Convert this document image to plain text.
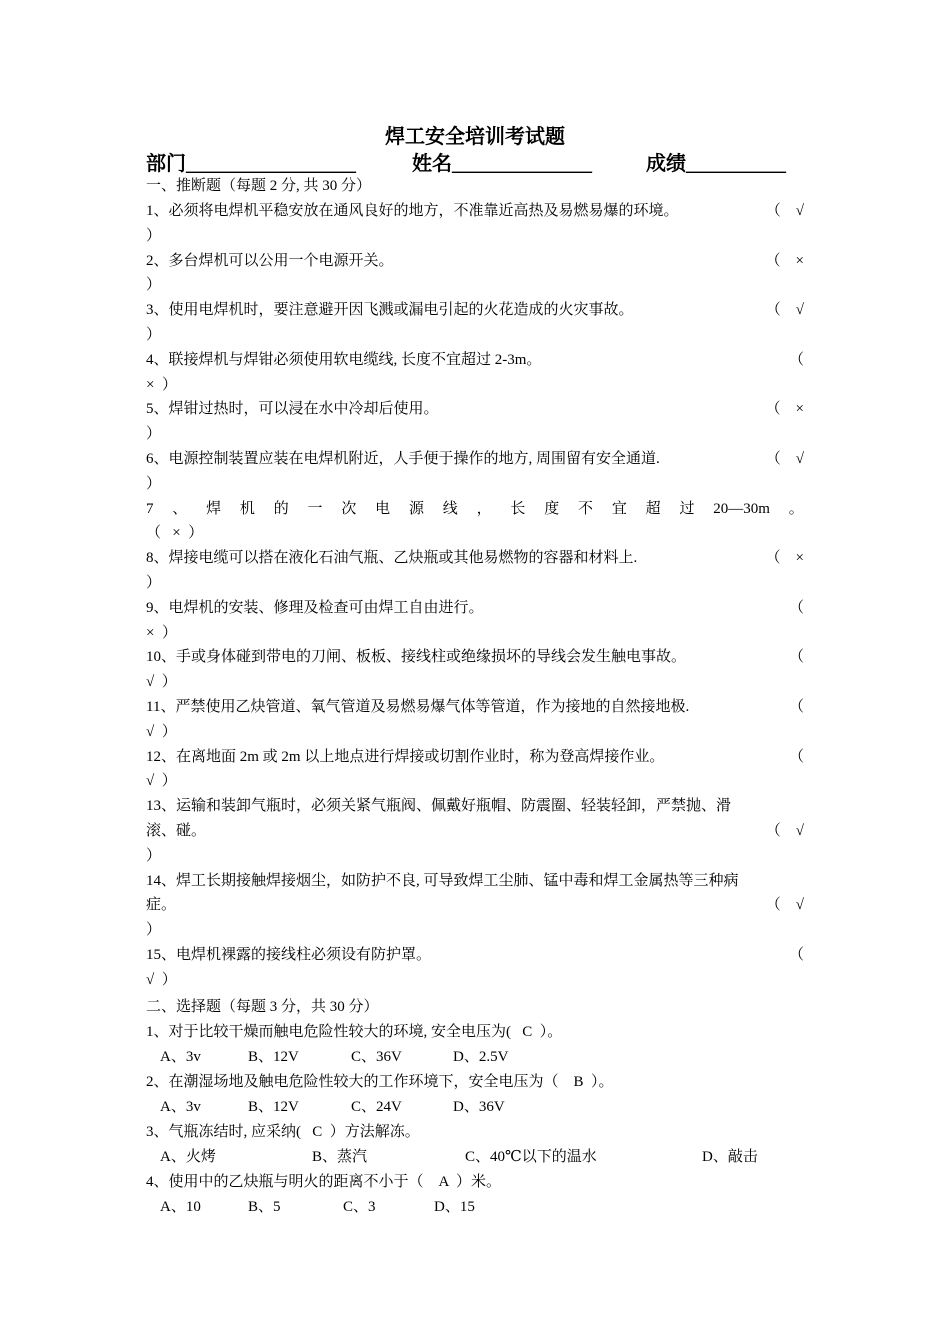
焊工安全培训考试题
部门_________________	姓名______________	成绩__________
一、推断题（每题 2 分, 共 30 分）
1、必须将电焊机平稳安放在通风良好的地方，不准靠近高热及易燃易爆的环境。	（    √
）
2、多台焊机可以公用一个电源开关。	（    ×
）
3、使用电焊机时，要注意避开因飞溅或漏电引起的火花造成的火灾事故。	（    √
）
4、联接焊机与焊钳必须使用软电缆线, 长度不宜超过 2-3m。	（
×  ）
5、焊钳过热时，可以浸在水中冷却后使用。	（    ×
）
6、电源控制装置应装在电焊机附近，人手便于操作的地方, 周围留有安全通道.	（    √
）
7 、 焊 机 的 一 次 电 源 线 ， 长 度 不 宜 超 过 20—30m 。
（   ×  ）
8、焊接电缆可以搭在液化石油气瓶、乙炔瓶或其他易燃物的容器和材料上.	（    ×
）
9、电焊机的安装、修理及检查可由焊工自由进行。	（
×  ）
10、手或身体碰到带电的刀闸、板板、接线柱或绝缘损坏的导线会发生触电事故。	（
√  ）
11、严禁使用乙炔管道、氧气管道及易燃易爆气体等管道，作为接地的自然接地极.	（
√  ）
12、在离地面 2m 或 2m 以上地点进行焊接或切割作业时，称为登高焊接作业。	（
√  ）
13、运输和装卸气瓶时，必须关紧气瓶阀、佩戴好瓶帽、防震圈、轻装轻卸，严禁抛、滑
滚、碰。	（    √
）
14、焊工长期接触焊接烟尘，如防护不良, 可导致焊工尘肺、锰中毒和焊工金属热等三种病
症。	（    √
）
15、电焊机裸露的接线柱必须设有防护罩。	（
√  ）
二、选择题（每题 3 分，共 30 分）
1、对于比较干燥而触电危险性较大的环境, 安全电压为(   C  ）。
A、3v	B、12V	C、36V	D、2.5V
2、在潮湿场地及触电危险性较大的工作环境下，安全电压为（    B  ）。
A、3v	B、12V	C、24V	D、36V
3、气瓶冻结时, 应采纳(   C  ）方法解冻。
A、火烤	B、蒸汽	C、40℃以下的温水	D、敲击
4、使用中的乙炔瓶与明火的距离不小于（    A  ）米。
A、10	B、5	C、3	D、15
